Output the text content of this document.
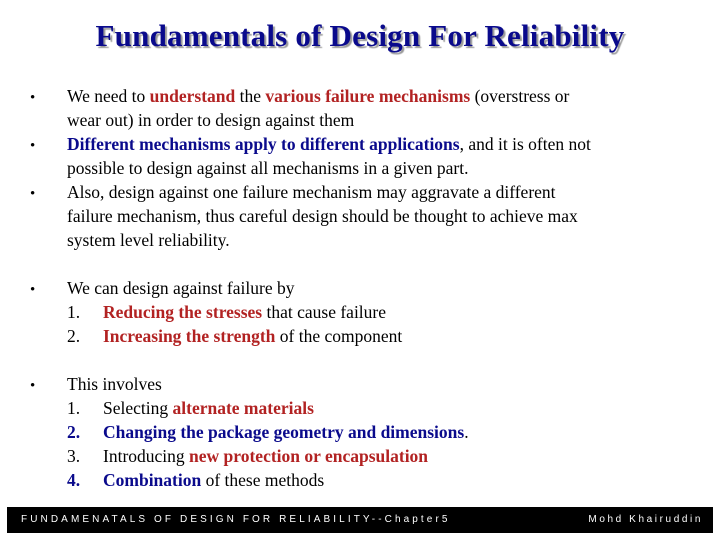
Fundamentals of Design For Reliability
• We need to understand the various failure mechanisms (overstress or
wear out) in order to design against them
• Different mechanisms apply to different applications, and it is often not
possible to design against all mechanisms in a given part.
• Also, design against one failure mechanism may aggravate a different
failure mechanism, thus careful design should be thought to achieve max
system level reliability.
• We can design against failure by
1. Reducing the stresses that cause failure
2. Increasing the strength of the component
• This involves
1. Selecting alternate materials
2. Changing the package geometry and dimensions.
3. Introducing new protection or encapsulation
4. Combination of these methods
FUNDAMENATALS OF DESIGN FOR RELIABILITY--Chapter5	Mohd Khairuddin
